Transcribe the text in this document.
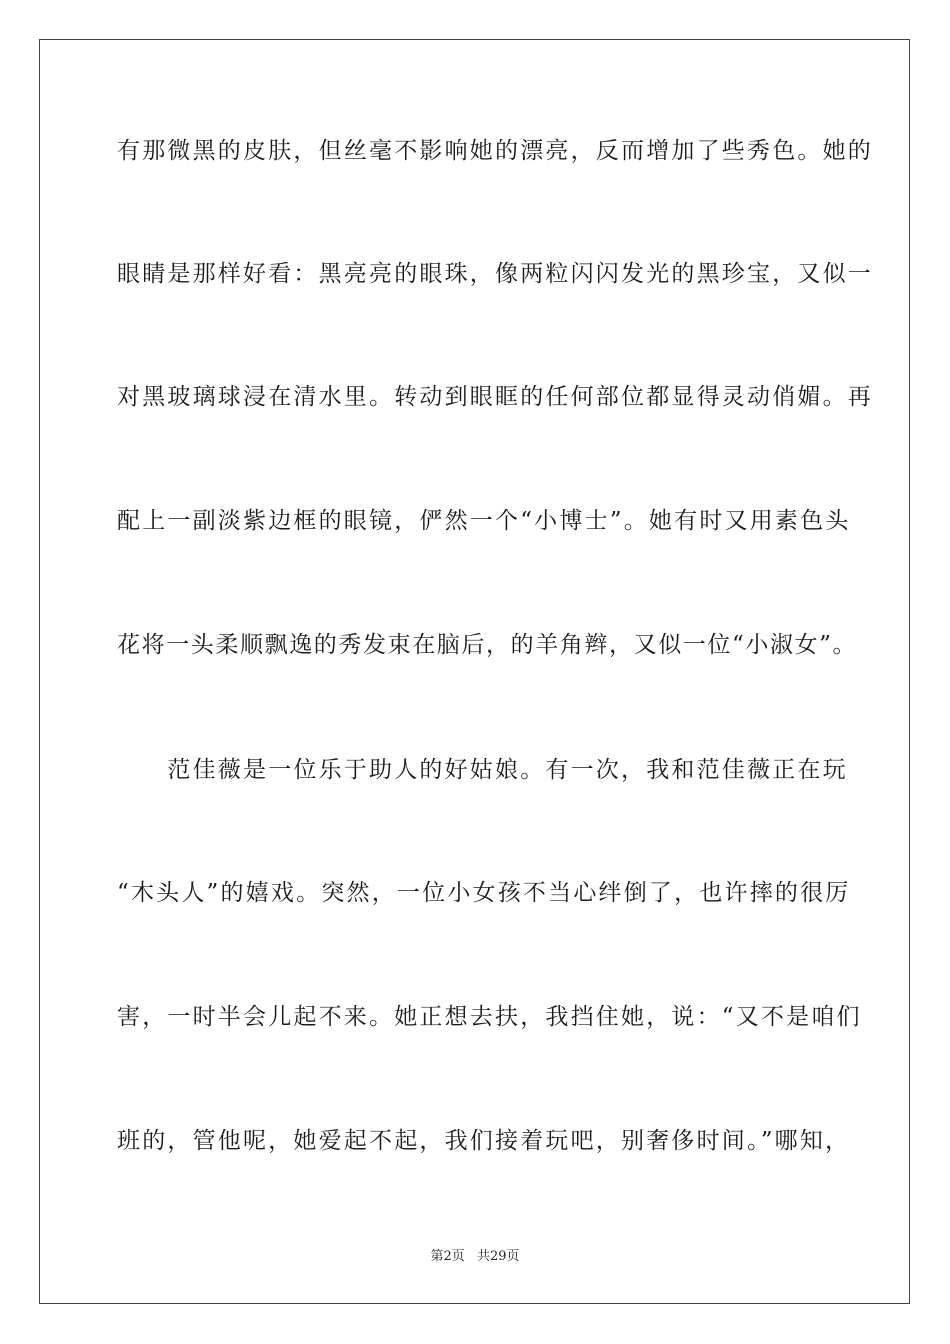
有那微黑的皮肤，但丝毫不影响她的漂亮，反而增加了些秀色。她的
眼睛是那样好看：黑亮亮的眼珠，像两粒闪闪发光的黑珍宝，又似一
对黑玻璃球浸在清水里。转动到眼眶的任何部位都显得灵动俏媚。再
配上一副淡紫边框的眼镜，俨然一个“小博士”。她有时又用素色头
花将一头柔顺飘逸的秀发束在脑后，的羊角辫，又似一位“小淑女”。
　　范佳薇是一位乐于助人的好姑娘。有一次，我和范佳薇正在玩
“木头人”的嬉戏。突然，一位小女孩不当心绊倒了，也许摔的很厉
害，一时半会儿起不来。她正想去扶，我挡住她，说：“又不是咱们
班的，管他呢，她爱起不起，我们接着玩吧，别奢侈时间。”哪知，
第2页 共29页
